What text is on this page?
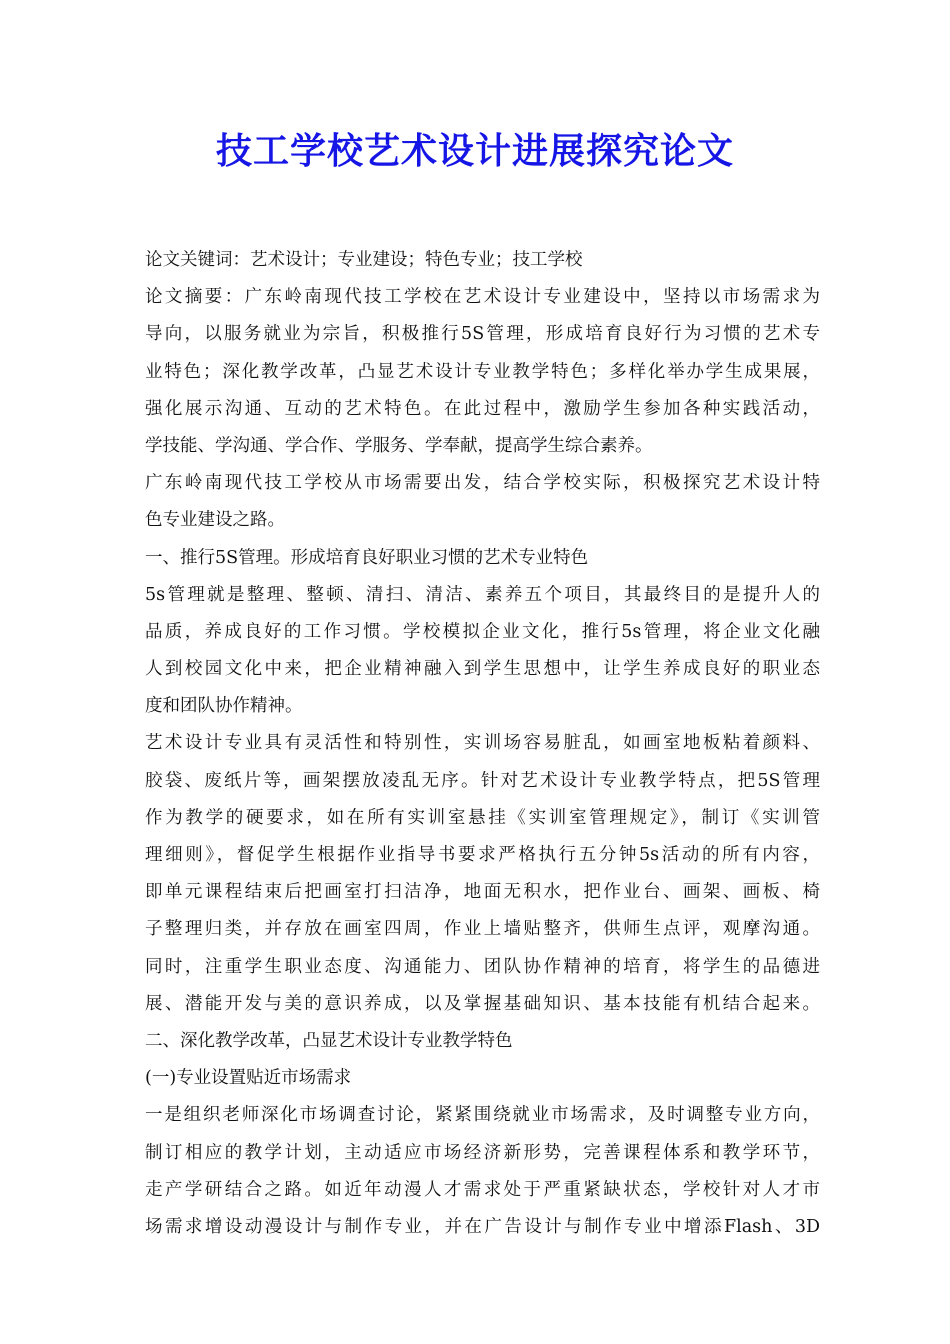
技工学校艺术设计进展探究论文
论文关键词：艺术设计；专业建设；特色专业；技工学校
论文摘要：广东岭南现代技工学校在艺术设计专业建设中，坚持以市场需求为
导向，以服务就业为宗旨，积极推行5S管理，形成培育良好行为习惯的艺术专
业特色；深化教学改革，凸显艺术设计专业教学特色；多样化举办学生成果展，
强化展示沟通、互动的艺术特色。在此过程中，激励学生参加各种实践活动，
学技能、学沟通、学合作、学服务、学奉献，提高学生综合素养。
广东岭南现代技工学校从市场需要出发，结合学校实际，积极探究艺术设计特
色专业建设之路。
一、推行5S管理。形成培育良好职业习惯的艺术专业特色
5s管理就是整理、整顿、清扫、清洁、素养五个项目，其最终目的是提升人的
品质，养成良好的工作习惯。学校模拟企业文化，推行5s管理，将企业文化融
人到校园文化中来，把企业精神融入到学生思想中，让学生养成良好的职业态
度和团队协作精神。
艺术设计专业具有灵活性和特别性，实训场容易脏乱，如画室地板粘着颜料、
胶袋、废纸片等，画架摆放凌乱无序。针对艺术设计专业教学特点，把5S管理
作为教学的硬要求，如在所有实训室悬挂《实训室管理规定》，制订《实训管
理细则》，督促学生根据作业指导书要求严格执行五分钟5s活动的所有内容，
即单元课程结束后把画室打扫洁净，地面无积水，把作业台、画架、画板、椅
子整理归类，并存放在画室四周，作业上墙贴整齐，供师生点评，观摩沟通。
同时，注重学生职业态度、沟通能力、团队协作精神的培育，将学生的品德进
展、潜能开发与美的意识养成，以及掌握基础知识、基本技能有机结合起来。
二、深化教学改革，凸显艺术设计专业教学特色
(一)专业设置贴近市场需求
一是组织老师深化市场调查讨论，紧紧围绕就业市场需求，及时调整专业方向，
制订相应的教学计划，主动适应市场经济新形势，完善课程体系和教学环节，
走产学研结合之路。如近年动漫人才需求处于严重紧缺状态，学校针对人才市
场需求增设动漫设计与制作专业，并在广告设计与制作专业中增添Flash、3D
